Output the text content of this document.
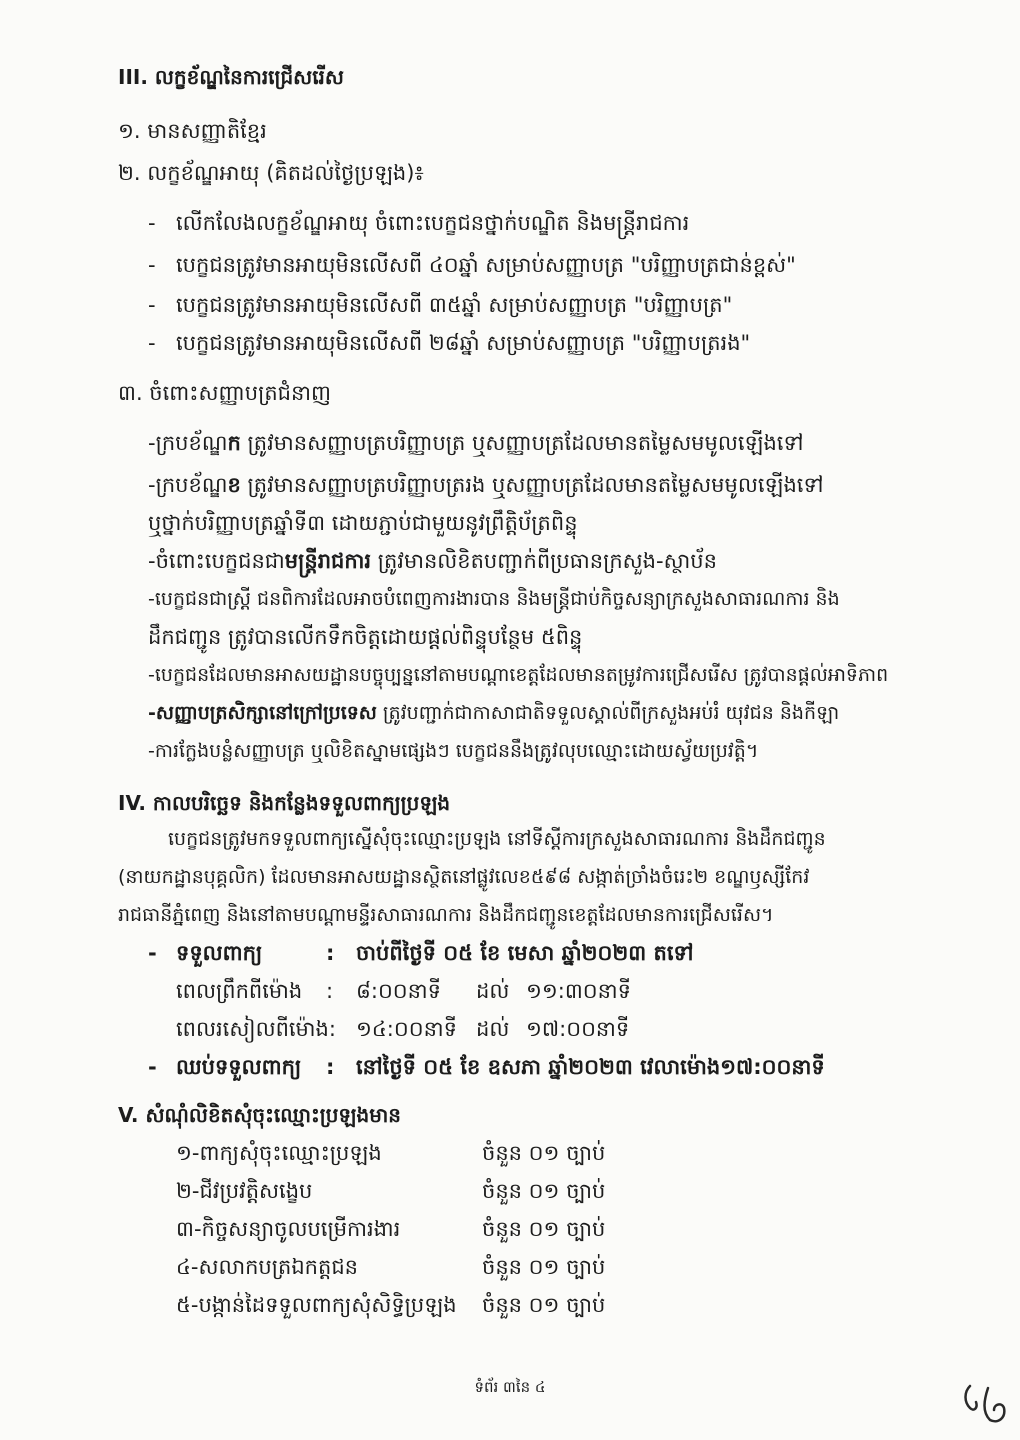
III. លក្ខខ័ណ្ឌនៃការជ្រើសរើស
១. មានសញ្ញាតិខ្មែរ
២. លក្ខខ័ណ្ឌអាយុ (គិតដល់ថ្ងៃប្រឡង)៖
- លើកលែងលក្ខខ័ណ្ឌអាយុ ចំពោះបេក្ខជនថ្នាក់បណ្ឌិត និងមន្រ្តីរាជការ
- បេក្ខជនត្រូវមានអាយុមិនលើសពី ៤០ឆ្នាំ សម្រាប់សញ្ញាបត្រ "បរិញ្ញាបត្រជាន់ខ្ពស់"
- បេក្ខជនត្រូវមានអាយុមិនលើសពី ៣៥ឆ្នាំ សម្រាប់សញ្ញាបត្រ "បរិញ្ញាបត្រ"
- បេក្ខជនត្រូវមានអាយុមិនលើសពី ២៨ឆ្នាំ សម្រាប់សញ្ញាបត្រ "បរិញ្ញាបត្ររង"
៣. ចំពោះសញ្ញាបត្រជំនាញ
-ក្របខ័ណ្ឌក ត្រូវមានសញ្ញាបត្របរិញ្ញាបត្រ ឬសញ្ញាបត្រដែលមានតម្លៃសមមូលឡើងទៅ
-ក្របខ័ណ្ឌខ ត្រូវមានសញ្ញាបត្របរិញ្ញាបត្ររង ឬសញ្ញាបត្រដែលមានតម្លៃសមមូលឡើងទៅ
ឬថ្នាក់បរិញ្ញាបត្រឆ្នាំទី៣ ដោយភ្ជាប់ជាមួយនូវព្រឹត្តិប័ត្រពិន្ទុ
-ចំពោះបេក្ខជនជាមន្ត្រីរាជការ ត្រូវមានលិខិតបញ្ជាក់ពីប្រធានក្រសួង-ស្ថាប័ន
-បេក្ខជនជាស្ត្រី ជនពិការដែលអាចបំពេញការងារបាន និងមន្ត្រីជាប់កិច្ចសន្យាក្រសួងសាធារណការ និង
ដឹកជញ្ជូន ត្រូវបានលើកទឹកចិត្តដោយផ្តល់ពិន្ទុបន្ថែម ៥ពិន្ទុ
-បេក្ខជនដែលមានអាសយដ្ឋានបច្ចុប្បន្ននៅតាមបណ្តាខេត្តដែលមានតម្រូវការជ្រើសរើស ត្រូវបានផ្តល់អាទិភាព
-សញ្ញាបត្រសិក្សានៅក្រៅប្រទេស ត្រូវបញ្ជាក់ជាកាសាជាតិទទួលស្គាល់ពីក្រសួងអប់រំ យុវជន និងកីឡា
-ការក្លែងបន្លំសញ្ញាបត្រ ឬលិខិតស្នាមផ្សេងៗ បេក្ខជននឹងត្រូវលុបឈ្មោះដោយស្វ័យប្រវត្តិ។
IV. កាលបរិច្ឆេទ និងកន្លែងទទួលពាក្យប្រឡង
បេក្ខជនត្រូវមកទទួលពាក្យស្នើសុំចុះឈ្មោះប្រឡង នៅទីស្តីការក្រសួងសាធារណការ និងដឹកជញ្ជូន
(នាយកដ្ឋានបុគ្គលិក) ដែលមានអាសយដ្ឋានស្ថិតនៅផ្លូវលេខ៥៩៨ សង្កាត់ច្រាំងចំរេះ២ ខណ្ឌឫស្សីកែវ
រាជធានីភ្នំពេញ និងនៅតាមបណ្តាមន្ទីរសាធារណការ និងដឹកជញ្ជូនខេត្តដែលមានការជ្រើសរើស។
- ទទួលពាក្យ	: ចាប់ពីថ្ងៃទី ០៥ ខែ មេសា ឆ្នាំ២០២៣ តទៅ
ពេលព្រឹកពីម៉ោង : ៨:០០នាទី ដល់ ១១:៣០នាទី
ពេលរសៀលពីម៉ោង: ១៤:០០នាទី ដល់ ១៧:០០នាទី
- ឈប់ទទួលពាក្យ : នៅថ្ងៃទី ០៥ ខែ ឧសភា ឆ្នាំ២០២៣ វេលាម៉ោង១៧:០០នាទី
V. សំណុំលិខិតសុំចុះឈ្មោះប្រឡងមាន
១-ពាក្យសុំចុះឈ្មោះប្រឡង	ចំនួន ០១ ច្បាប់
២-ជីវប្រវត្តិសង្ខេប	ចំនួន ០១ ច្បាប់
៣-កិច្ចសន្យាចូលបម្រើការងារ	ចំនួន ០១ ច្បាប់
៤-សលាកបត្រឯកត្តជន	ចំនួន ០១ ច្បាប់
៥-បង្កាន់ដៃទទួលពាក្យសុំសិទ្ធិប្រឡង ចំនួន ០១ ច្បាប់
ទំព័រ ៣នៃ ៤
